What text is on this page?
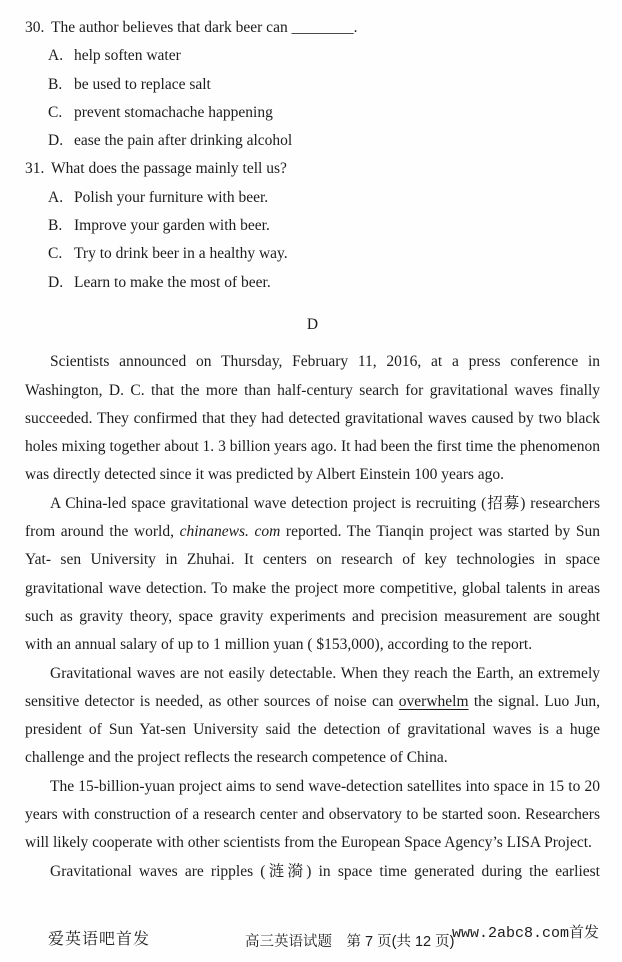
30. The author believes that dark beer can ________.
A. help soften water
B. be used to replace salt
C. prevent stomachache happening
D. ease the pain after drinking alcohol
31. What does the passage mainly tell us?
A. Polish your furniture with beer.
B. Improve your garden with beer.
C. Try to drink beer in a healthy way.
D. Learn to make the most of beer.
D

Scientists announced on Thursday, February 11, 2016, at a press conference in Washington, D. C. that the more than half-century search for gravitational waves finally succeeded. They confirmed that they had detected gravitational waves caused by two black holes mixing together about 1. 3 billion years ago. It had been the first time the phenomenon was directly detected since it was predicted by Albert Einstein 100 years ago.

A China-led space gravitational wave detection project is recruiting (招募) researchers from around the world, chinanews. com reported. The Tianqin project was started by Sun Yat- sen University in Zhuhai. It centers on research of key technologies in space gravitational wave detection. To make the project more competitive, global talents in areas such as gravity theory, space gravity experiments and precision measurement are sought with an annual salary of up to 1 million yuan ( $153,000), according to the report.

Gravitational waves are not easily detectable. When they reach the Earth, an extremely sensitive detector is needed, as other sources of noise can overwhelm the signal. Luo Jun, president of Sun Yat-sen University said the detection of gravitational waves is a huge challenge and the project reflects the research competence of China.

The 15-billion-yuan project aims to send wave-detection satellites into space in 15 to 20 years with construction of a research center and observatory to be started soon. Researchers will likely cooperate with other scientists from the European Space Agency’s LISA Project.

Gravitational waves are ripples (涟漪) in space time generated during the earliest

爱英语吧首发	高三英语试题　第 7 页(共 12 页)
www.2abc8.com首发
